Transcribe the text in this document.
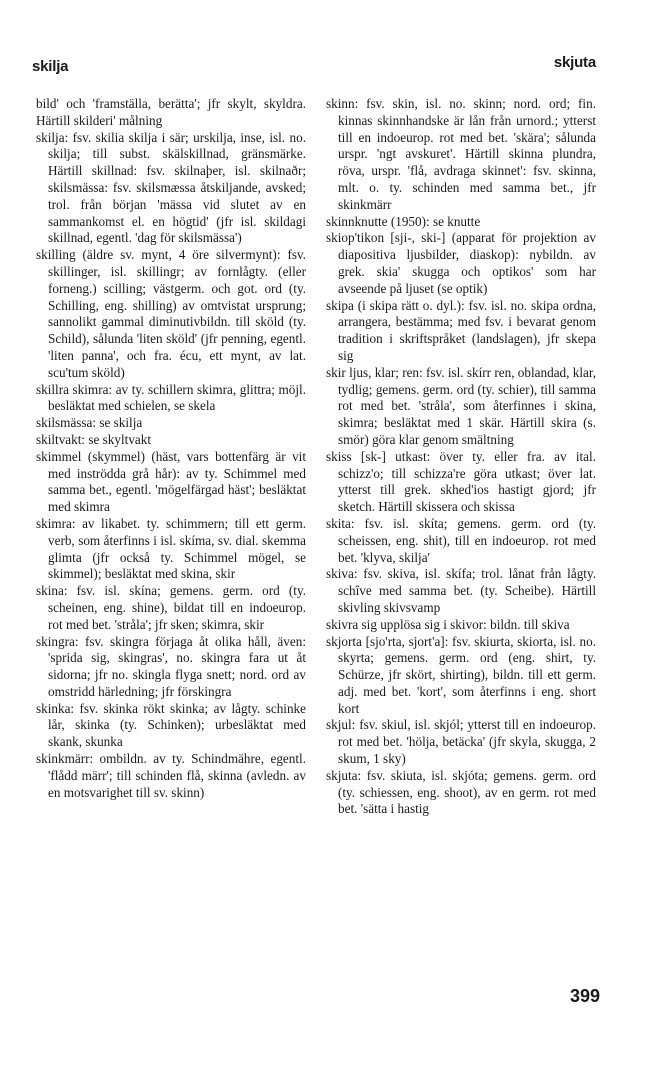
skilja	skjuta

bild' och 'framställa, berätta'; jfr skylt, skyldra. Härtill skilderi' målning

skilja: fsv. skilia skilja i sär; urskilja, inse, isl. no. skilja; till subst. skälskillnad, gränsmärke. Härtill skillnad: fsv. skilnaþer, isl. skilnaðr; skilsmässa: fsv. skilsmæssa åtskiljande, avsked; trol. från början 'mässa vid slutet av en sammankomst el. en högtid' (jfr isl. skildagi skillnad, egentl. 'dag för skilsmässa')

skilling (äldre sv. mynt, 4 öre silvermynt): fsv. skillinger, isl. skillingr; av fornlågty. (eller forneng.) scilling; västgerm. och got. ord (ty. Schilling, eng. shilling) av omtvistat ursprung; sannolikt gammal diminutivbildn. till sköld (ty. Schild), sålunda 'liten sköld' (jfr penning, egentl. 'liten panna', och fra. écu, ett mynt, av lat. scu'tum sköld)

skillra skimra: av ty. schillern skimra, glittra; möjl. besläktat med schielen, se skela

skilsmässa: se skilja

skiltvakt: se skyltvakt

skimmel (skymmel) (häst, vars bottenfärg är vit med inströdda grå hår): av ty. Schimmel med samma bet., egentl. 'mögelfärgad häst'; besläktat med skimra

skimra: av likabet. ty. schimmern; till ett germ. verb, som återfinns i isl. skíma, sv. dial. skemma glimta (jfr också ty. Schimmel mögel, se skimmel); besläktat med skina, skir

skina: fsv. isl. skína; gemens. germ. ord (ty. scheinen, eng. shine), bildat till en indoeurop. rot med bet. 'stråla'; jfr sken; skimra, skir

skingra: fsv. skingra förjaga åt olika håll, även: 'sprida sig, skingras', no. skingra fara ut åt sidorna; jfr no. skingla flyga snett; nord. ord av omstridd härledning; jfr förskingra

skinka: fsv. skinka rökt skinka; av lågty. schinke lår, skinka (ty. Schinken); urbesläktat med skank, skunka

skinkmärr: ombildn. av ty. Schindmähre, egentl. 'flådd märr'; till schinden flå, skinna (avledn. av en motsvarighet till sv. skinn)

skinn: fsv. skin, isl. no. skinn; nord. ord; fin. kinnas skinnhandske är lån från urnord.; ytterst till en indoeurop. rot med bet. 'skära'; sålunda urspr. 'ngt avskuret'. Härtill skinna plundra, röva, urspr. 'flå, avdraga skinnet': fsv. skinna, mlt. o. ty. schinden med samma bet., jfr skinkmärr

skinnknutte (1950): se knutte

skiop'tikon [sji-, ski-] (apparat för projektion av diapositiva ljusbilder, diaskop): nybildn. av grek. skia' skugga och optikos' som har avseende på ljuset (se optik)

skipa (i skipa rätt o. dyl.): fsv. isl. no. skipa ordna, arrangera, bestämma; med fsv. i bevarat genom tradition i skriftspråket (landslagen), jfr skepa sig

skir ljus, klar; ren: fsv. isl. skírr ren, oblandad, klar, tydlig; gemens. germ. ord (ty. schier), till samma rot med bet. 'stråla', som återfinnes i skina, skimra; besläktat med 1 skär. Härtill skira (s. smör) göra klar genom smältning

skiss [sk-] utkast: över ty. eller fra. av ital. schizz'o; till schizza're göra utkast; över lat. ytterst till grek. skhed'ios hastigt gjord; jfr sketch. Härtill skissera och skissa

skita: fsv. isl. skíta; gemens. germ. ord (ty. scheissen, eng. shit), till en indoeurop. rot med bet. 'klyva, skilja'

skiva: fsv. skiva, isl. skífa; trol. lånat från lågty. schîve med samma bet. (ty. Scheibe). Härtill skivling skivsvamp

skivra sig upplösa sig i skivor: bildn. till skiva

skjorta [sjo'rta, sjort'a]: fsv. skiurta, skiorta, isl. no. skyrta; gemens. germ. ord (eng. shirt, ty. Schürze, jfr skört, shirting), bildn. till ett germ. adj. med bet. 'kort', som återfinns i eng. short kort

skjul: fsv. skiul, isl. skjól; ytterst till en indoeurop. rot med bet. 'hölja, betäcka' (jfr skyla, skugga, 2 skum, 1 sky)

skjuta: fsv. skiuta, isl. skjóta; gemens. germ. ord (ty. schiessen, eng. shoot), av en germ. rot med bet. 'sätta i hastig

399
